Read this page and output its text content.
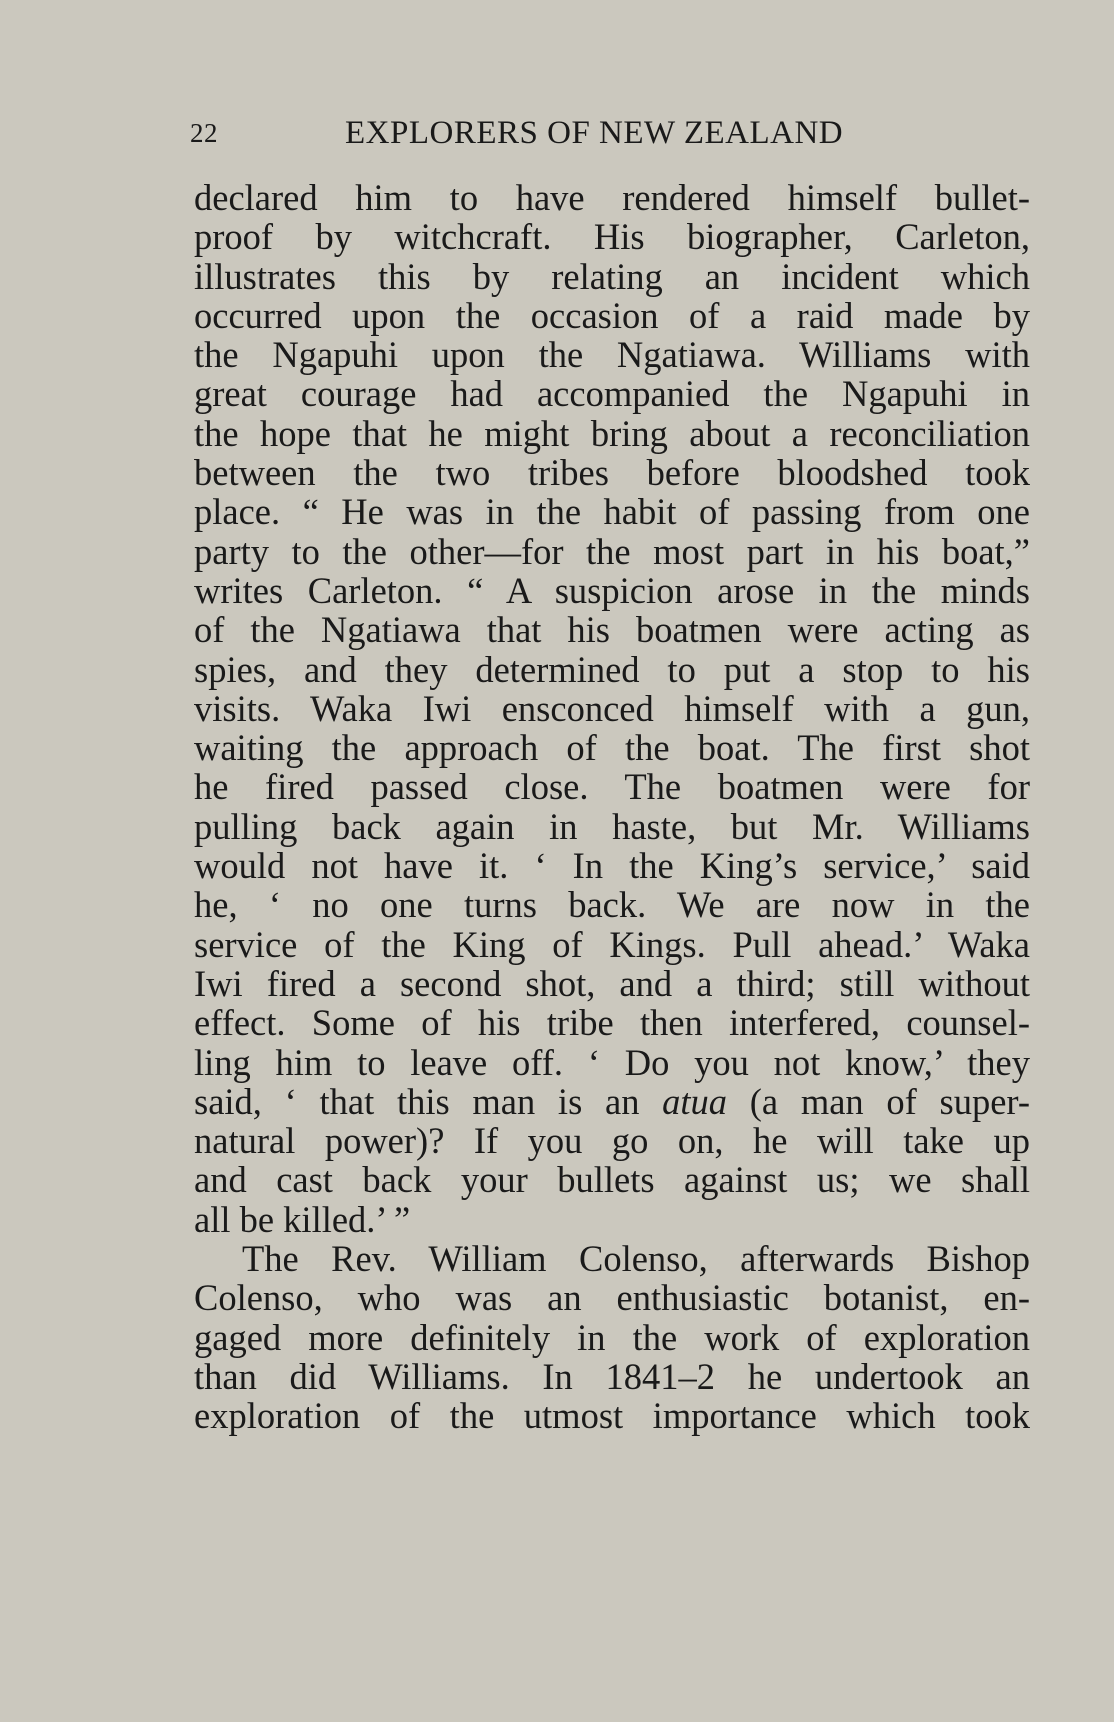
22	EXPLORERS OF NEW ZEALAND
declared him to have rendered himself bullet-
proof by witchcraft. His biographer, Carleton,
illustrates this by relating an incident which
occurred upon the occasion of a raid made by
the Ngapuhi upon the Ngatiawa. Williams with
great courage had accompanied the Ngapuhi in
the hope that he might bring about a reconciliation
between the two tribes before bloodshed took
place. “ He was in the habit of passing from one
party to the other—for the most part in his boat,”
writes Carleton. “ A suspicion arose in the minds
of the Ngatiawa that his boatmen were acting as
spies, and they determined to put a stop to his
visits. Waka Iwi ensconced himself with a gun,
waiting the approach of the boat. The first shot
he fired passed close. The boatmen were for
pulling back again in haste, but Mr. Williams
would not have it. ‘ In the King’s service,’ said
he, ‘ no one turns back. We are now in the
service of the King of Kings. Pull ahead.’ Waka
Iwi fired a second shot, and a third; still without
effect. Some of his tribe then interfered, counsel-
ling him to leave off. ‘ Do you not know,’ they
said, ‘ that this man is an atua (a man of super-
natural power)? If you go on, he will take up
and cast back your bullets against us; we shall
all be killed.’ ”
The Rev. William Colenso, afterwards Bishop
Colenso, who was an enthusiastic botanist, en-
gaged more definitely in the work of exploration
than did Williams. In 1841–2 he undertook an
exploration of the utmost importance which took
